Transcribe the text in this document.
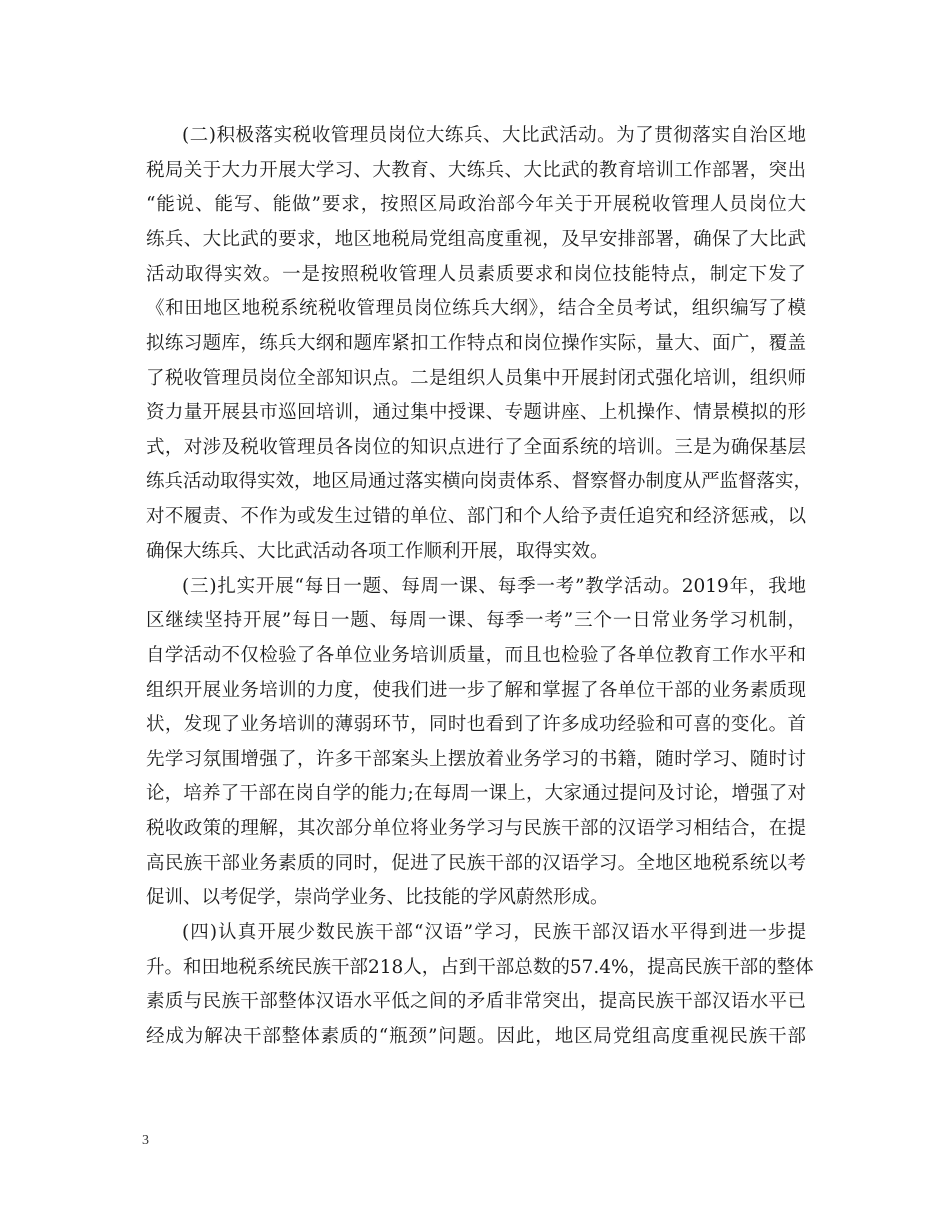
(二)积极落实税收管理员岗位大练兵、大比武活动。为了贯彻落实自治区地
税局关于大力开展大学习、大教育、大练兵、大比武的教育培训工作部署，突出
“能说、能写、能做”要求，按照区局政治部今年关于开展税收管理人员岗位大
练兵、大比武的要求，地区地税局党组高度重视，及早安排部署，确保了大比武
活动取得实效。一是按照税收管理人员素质要求和岗位技能特点，制定下发了
《和田地区地税系统税收管理员岗位练兵大纲》，结合全员考试，组织编写了模
拟练习题库，练兵大纲和题库紧扣工作特点和岗位操作实际，量大、面广，覆盖
了税收管理员岗位全部知识点。二是组织人员集中开展封闭式强化培训，组织师
资力量开展县市巡回培训，通过集中授课、专题讲座、上机操作、情景模拟的形
式，对涉及税收管理员各岗位的知识点进行了全面系统的培训。三是为确保基层
练兵活动取得实效，地区局通过落实横向岗责体系、督察督办制度从严监督落实，
对不履责、不作为或发生过错的单位、部门和个人给予责任追究和经济惩戒，以
确保大练兵、大比武活动各项工作顺利开展，取得实效。
(三)扎实开展“每日一题、每周一课、每季一考”教学活动。2019年，我地
区继续坚持开展”每日一题、每周一课、每季一考”三个一日常业务学习机制，
自学活动不仅检验了各单位业务培训质量，而且也检验了各单位教育工作水平和
组织开展业务培训的力度，使我们进一步了解和掌握了各单位干部的业务素质现
状，发现了业务培训的薄弱环节，同时也看到了许多成功经验和可喜的变化。首
先学习氛围增强了，许多干部案头上摆放着业务学习的书籍，随时学习、随时讨
论，培养了干部在岗自学的能力;在每周一课上，大家通过提问及讨论，增强了对
税收政策的理解，其次部分单位将业务学习与民族干部的汉语学习相结合，在提
高民族干部业务素质的同时，促进了民族干部的汉语学习。全地区地税系统以考
促训、以考促学，崇尚学业务、比技能的学风蔚然形成。
(四)认真开展少数民族干部“汉语”学习，民族干部汉语水平得到进一步提
升。和田地税系统民族干部218人，占到干部总数的57.4%，提高民族干部的整体
素质与民族干部整体汉语水平低之间的矛盾非常突出，提高民族干部汉语水平已
经成为解决干部整体素质的“瓶颈”问题。因此，地区局党组高度重视民族干部
3
